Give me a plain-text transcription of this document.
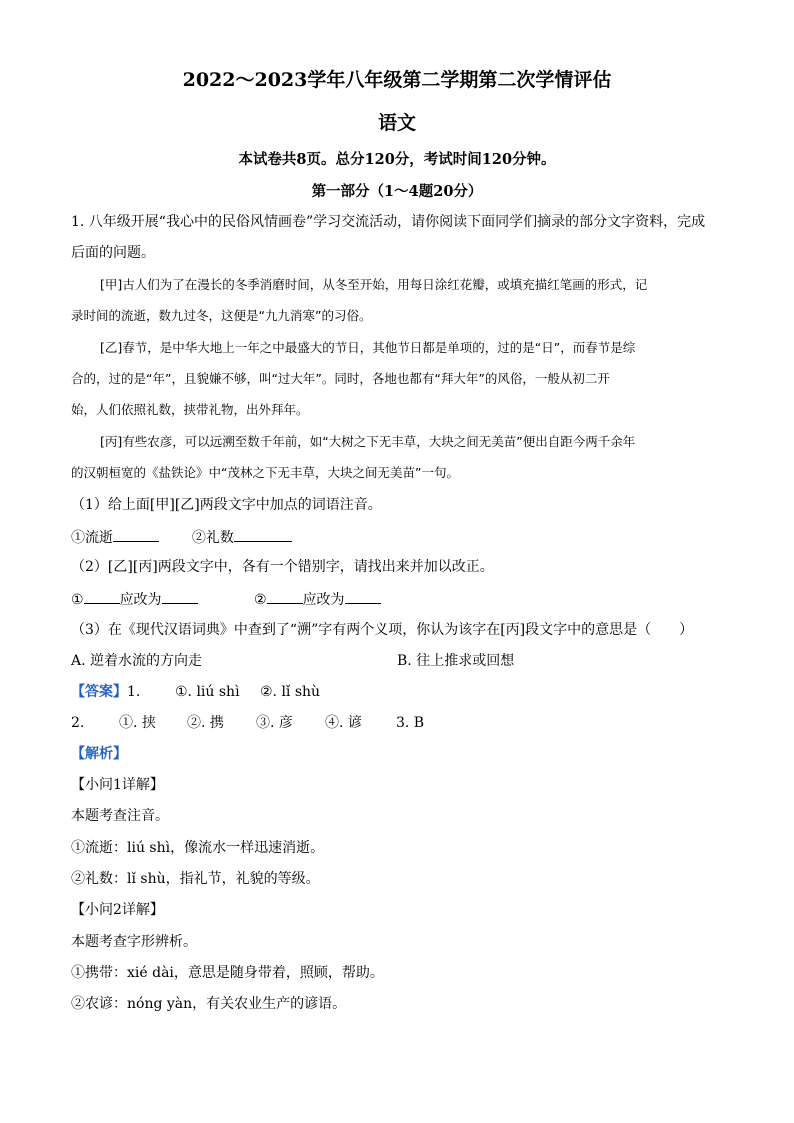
2022～2023学年八年级第二学期第二次学情评估
语文
本试卷共8页。总分120分，考试时间120分钟。
第一部分（1～4题20分）
1. 八年级开展“我心中的民俗风情画卷”学习交流活动，请你阅读下面同学们摘录的部分文字资料，完成
后面的问题。
[甲]古人们为了在漫长的冬季消磨时间，从冬至开始，用每日涂红花瓣，或填充描红笔画的形式，记
录时间的流逝，数九过冬，这便是“九九消寒”的习俗。
[乙]春节，是中华大地上一年之中最盛大的节日，其他节日都是单项的，过的是“日”，而春节是综
合的，过的是“年”，且貌嫌不够，叫“过大年”。同时，各地也都有“拜大年”的风俗，一般从初二开
始，人们依照礼数，挟带礼物，出外拜年。
[丙]有些农彦，可以远溯至数千年前，如“大树之下无丰草，大块之间无美苗”便出自距今两千余年
的汉朝桓宽的《盐铁论》中“茂林之下无丰草，大块之间无美苗”一句。
（1）给上面[甲][乙]两段文字中加点的词语注音。
①流逝	②礼数
（2）[乙][丙]两段文字中，各有一个错别字，请找出来并加以改正。
①	应改为	②	应改为
（3）在《现代汉语词典》中查到了“溯”字有两个义项，你认为该字在[丙]段文字中的意思是（　　）
A. 逆着水流的方向走	B. 往上推求或回想
【答案】1. ①. liú shì ②. lǐ shù
2. ①. 挟 ②. 携 ③. 彦 ④. 谚 3. B
【解析】
【小问1详解】
本题考查注音。
①流逝：liú shì，像流水一样迅速消逝。
②礼数：lǐ shù，指礼节，礼貌的等级。
【小问2详解】
本题考查字形辨析。
①携带：xié dài，意思是随身带着，照顾，帮助。
②农谚：nóng yàn，有关农业生产的谚语。
